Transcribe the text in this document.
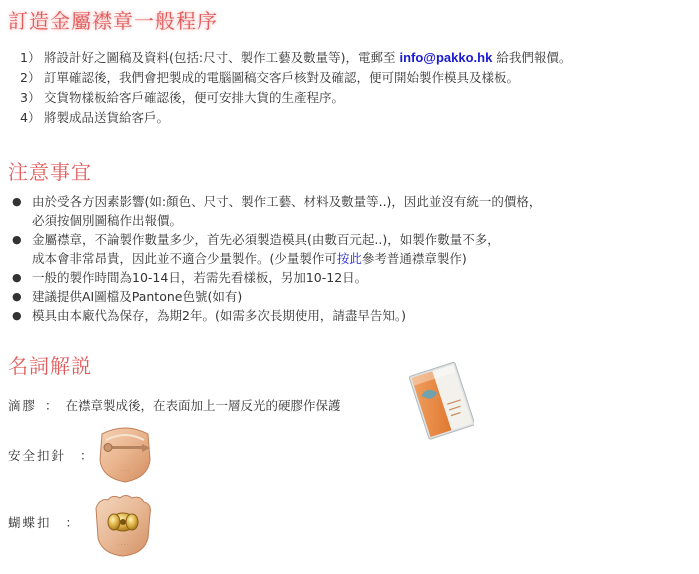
訂造金屬襟章一般程序
1） 將設計好之圖稿及資料(包括:尺寸、製作工藝及數量等)，電郵至 info@pakko.hk 給我們報價。
2） 訂單確認後，我們會把製成的電腦圖稿交客戶核對及確認，便可開始製作模具及樣板。
3） 交貨物樣板給客戶確認後，便可安排大貨的生產程序。
4） 將製成品送貨給客戶。
注意事宜
● 由於受各方因素影響(如:顏色、尺寸、製作工藝、材料及數量等..)，因此並沒有統一的價格，
必須按個別圖稿作出報價。
● 金屬襟章，不論製作數量多少，首先必須製造模具(由數百元起..)，如製作數量不多，
成本會非常昂貴，因此並不適合少量製作。(少量製作可按此參考普通襟章製作)
● 一般的製作時間為10-14日，若需先看樣板，另加10-12日。
● 建議提供AI圖檔及Pantone色號(如有)
● 模具由本廠代為保存，為期2年。(如需多次長期使用，請盡早告知。)
名詞解説
滴膠 ： 在襟章製成後，在表面加上一層反光的硬膠作保護
安全扣針 ：
蝴蝶扣 ：
· · ·
· · · ·
